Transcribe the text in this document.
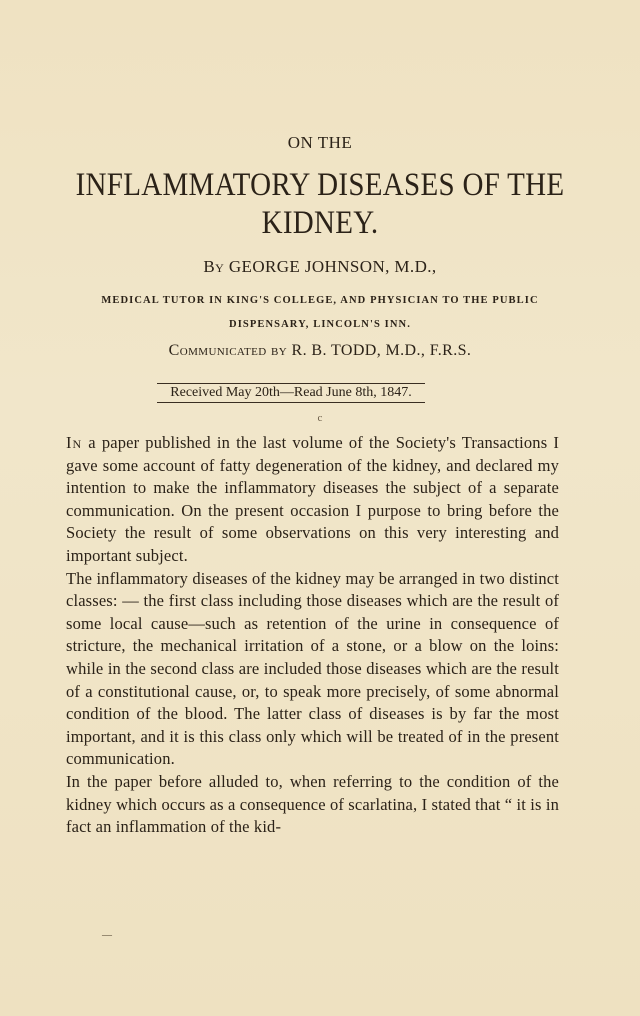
ON THE
INFLAMMATORY DISEASES OF THE
KIDNEY.
By GEORGE JOHNSON, M.D.,
MEDICAL TUTOR IN KING'S COLLEGE, AND PHYSICIAN TO THE PUBLIC
DISPENSARY, LINCOLN'S INN.
Communicated by R. B. TODD, M.D., F.R.S.
Received May 20th—Read June 8th, 1847.
c

In a paper published in the last volume of the Society's Transactions I gave some account of fatty degeneration of the kidney, and declared my intention to make the inflammatory diseases the subject of a separate communication. On the present occasion I purpose to bring before the Society the result of some observations on this very interesting and important subject.

The inflammatory diseases of the kidney may be arranged in two distinct classes: — the first class including those diseases which are the result of some local cause—such as retention of the urine in consequence of stricture, the mechanical irritation of a stone, or a blow on the loins: while in the second class are included those diseases which are the result of a constitutional cause, or, to speak more precisely, of some abnormal condition of the blood. The latter class of diseases is by far the most important, and it is this class only which will be treated of in the present communication.

In the paper before alluded to, when referring to the condition of the kidney which occurs as a consequence of scarlatina, I stated that “ it is in fact an inflammation of the kid-

—
